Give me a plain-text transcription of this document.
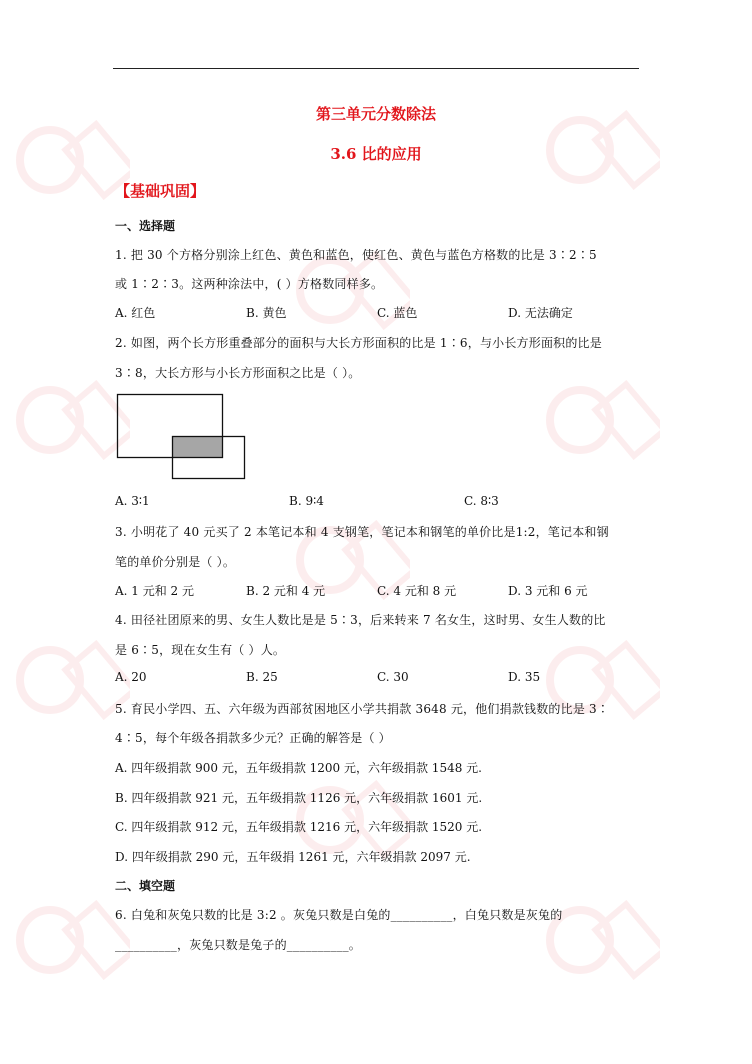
第三单元分数除法
3.6 比的应用
【基础巩固】
一、选择题
1. 把 30 个方格分别涂上红色、黄色和蓝色，使红色、黄色与蓝色方格数的比是 3∶2∶5
或 1∶2∶3。这两种涂法中，( ）方格数同样多。
A. 红色	B. 黄色	C. 蓝色	D. 无法确定
2. 如图，两个长方形重叠部分的面积与大长方形面积的比是 1∶6，与小长方形面积的比是
3∶8，大长方形与小长方形面积之比是（ ）。
A. 3∶1	B. 9∶4	C. 8∶3
3. 小明花了 40 元买了 2 本笔记本和 4 支钢笔，笔记本和钢笔的单价比是1:2，笔记本和钢
笔的单价分别是（ ）。
A. 1 元和 2 元	B. 2 元和 4 元	C. 4 元和 8 元	D. 3 元和 6 元
4. 田径社团原来的男、女生人数比是是 5∶3，后来转来 7 名女生，这时男、女生人数的比
是 6∶5，现在女生有（ ）人。
A. 20	B. 25	C. 30	D. 35
5. 育民小学四、五、六年级为西部贫困地区小学共捐款 3648 元，他们捐款钱数的比是 3∶
4∶5，每个年级各捐款多少元？正确的解答是（ ）
A. 四年级捐款 900 元，五年级捐款 1200 元，六年级捐款 1548 元.
B. 四年级捐款 921 元，五年级捐款 1126 元，六年级捐款 1601 元.
C. 四年级捐款 912 元，五年级捐款 1216 元，六年级捐款 1520 元.
D. 四年级捐款 290 元，五年级捐 1261 元，六年级捐款 2097 元.
二、填空题
6. 白兔和灰兔只数的比是 3:2 。灰兔只数是白兔的__________，白兔只数是灰兔的
__________，灰兔只数是兔子的__________。
